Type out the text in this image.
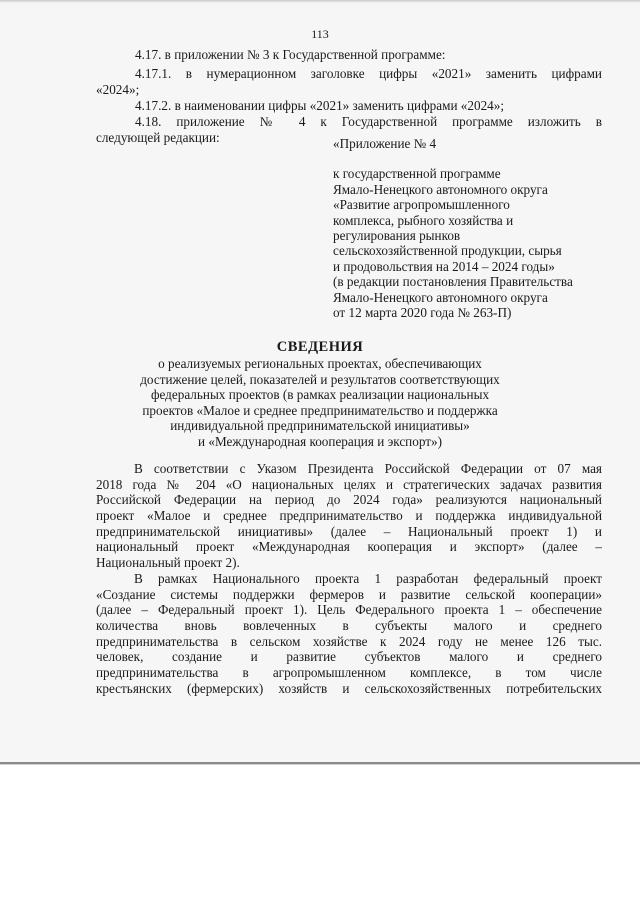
113
4.17. в приложении № 3 к Государственной программе:
4.17.1. в нумерационном заголовке цифры «2021» заменить цифрами
«2024»;
4.17.2. в наименовании цифры «2021» заменить цифрами «2024»;
4.18. приложение № 4 к Государственной программе изложить в
следующей редакции:	«Приложение № 4
к государственной программе
Ямало-Ненецкого автономного округа
«Развитие агропромышленного
комплекса, рыбного хозяйства и
регулирования рынков
сельскохозяйственной продукции, сырья
и продовольствия на 2014 – 2024 годы»
(в редакции постановления Правительства
Ямало-Ненецкого автономного округа
от 12 марта 2020 года № 263-П)
СВЕДЕНИЯ
о реализуемых региональных проектах, обеспечивающих
достижение целей, показателей и результатов соответствующих
федеральных проектов (в рамках реализации национальных
проектов «Малое и среднее предпринимательство и поддержка
индивидуальной предпринимательской инициативы»
и «Международная кооперация и экспорт»)
В соответствии с Указом Президента Российской Федерации от 07 мая
2018 года № 204 «О национальных целях и стратегических задачах развития
Российской Федерации на период до 2024 года» реализуются национальный
проект «Малое и среднее предпринимательство и поддержка индивидуальной
предпринимательской инициативы» (далее – Национальный проект 1) и
национальный проект «Международная кооперация и экспорт» (далее –
Национальный проект 2).
В рамках Национального проекта 1 разработан федеральный проект
«Создание системы поддержки фермеров и развитие сельской кооперации»
(далее – Федеральный проект 1). Цель Федерального проекта 1 – обеспечение
количества вновь вовлеченных в субъекты малого и среднего
предпринимательства в сельском хозяйстве к 2024 году не менее 126 тыс.
человек, создание и развитие субъектов малого и среднего
предпринимательства в агропромышленном комплексе, в том числе
крестьянских (фермерских) хозяйств и сельскохозяйственных потребительских
